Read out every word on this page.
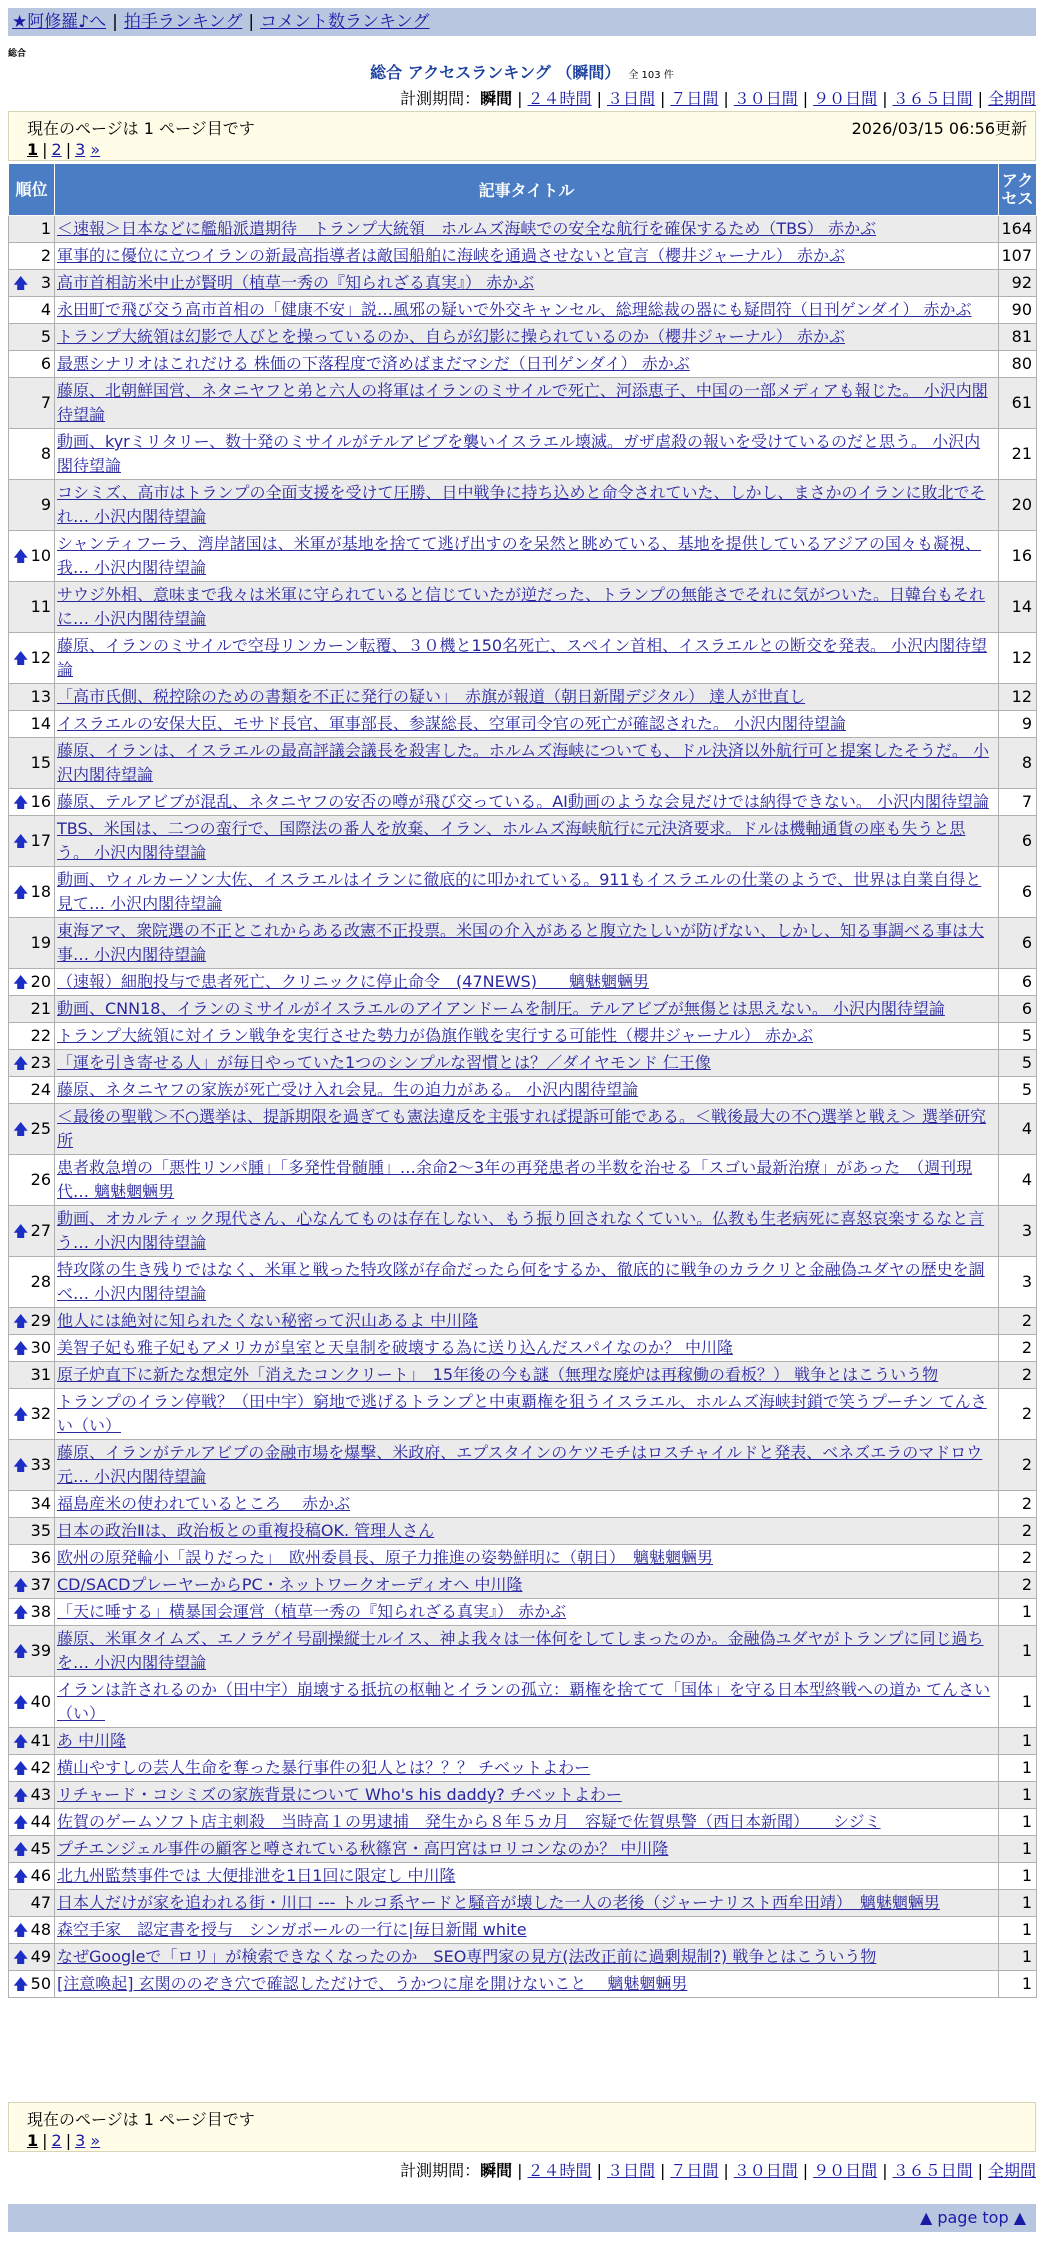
★阿修羅♪へ | 拍手ランキング | コメント数ランキング
総合
総合 アクセスランキング （瞬間） 全 103 件
計測期間：瞬間 | ２４時間 | ３日間 | ７日間 | ３０日間 | ９０日間 | ３６５日間 | 全期間
現在のページは 1 ページ目です	2026/03/15 06:56更新
1 | 2 | 3 »
順位	記事タイトル	アクセス
1	＜速報＞日本などに艦船派遣期待　トランプ大統領　ホルムズ海峡での安全な航行を確保するため（TBS） 赤かぶ	164
2	軍事的に優位に立つイランの新最高指導者は敵国船舶に海峡を通過させないと宣言（櫻井ジャーナル） 赤かぶ	107

🡅 3	高市首相訪米中止が賢明（植草一秀の『知られざる真実』） 赤かぶ	92
4	永田町で飛び交う高市首相の「健康不安」説…風邪の疑いで外交キャンセル、総理総裁の器にも疑問符（日刊ゲンダイ） 赤かぶ	90
5	トランプ大統領は幻影で人びとを操っているのか、自らが幻影に操られているのか（櫻井ジャーナル） 赤かぶ	81
6	最悪シナリオはこれだける 株価の下落程度で済めばまだマシだ（日刊ゲンダイ） 赤かぶ	80
7	藤原、北朝鮮国営、ネタニヤフと弟と六人の将軍はイランのミサイルで死亡、河添恵子、中国の一部メディアも報じた。 小沢内閣待望論	61
8	動画、kyrミリタリー、数十発のミサイルがテルアビブを襲いイスラエル壊滅。ガザ虐殺の報いを受けているのだと思う。 小沢内閣待望論	21
9	コシミズ、高市はトランプの全面支援を受けて圧勝、日中戦争に持ち込めと命令されていた、しかし、まさかのイランに敗北でそれ… 小沢内閣待望論	20

🡅 10	シャンティフーラ、湾岸諸国は、米軍が基地を捨てて逃げ出すのを呆然と眺めている、基地を提供しているアジアの国々も凝視、我… 小沢内閣待望論	16
11	サウジ外相、意味まで我々は米軍に守られていると信じていたが逆だった、トランプの無能さでそれに気がついた。日韓台もそれに… 小沢内閣待望論	14

🡅 12	藤原、イランのミサイルで空母リンカーン転覆、３０機と150名死亡、スペイン首相、イスラエルとの断交を発表。 小沢内閣待望論	12
13	「高市氏側、税控除のための書類を不正に発行の疑い」　赤旗が報道（朝日新聞デジタル） 達人が世直し	12
14	イスラエルの安保大臣、モサド長官、軍事部長、参謀総長、空軍司令官の死亡が確認された。 小沢内閣待望論	9
15	藤原、イランは、イスラエルの最高評議会議長を殺害した。ホルムズ海峡についても、ドル決済以外航行可と提案したそうだ。 小沢内閣待望論	8

🡅 16	藤原、テルアビブが混乱、ネタニヤフの安否の噂が飛び交っている。AI動画のような会見だけでは納得できない。 小沢内閣待望論	7

🡅 17	TBS、米国は、二つの蛮行で、国際法の番人を放棄、イラン、ホルムズ海峡航行に元決済要求。ドルは機軸通貨の座も失うと思う。 小沢内閣待望論	6

🡅 18	動画、ウィルカーソン大佐、イスラエルはイランに徹底的に叩かれている。911もイスラエルの仕業のようで、世界は自業自得と見て… 小沢内閣待望論	6
19	東海アマ、衆院選の不正とこれからある改憲不正投票。米国の介入があると腹立たしいが防げない、しかし、知る事調べる事は大事… 小沢内閣待望論	6

🡅 20	（速報）細胞投与で患者死亡、クリニックに停止命令　(47NEWS)　　魑魅魍魎男	6
21	動画、CNN18、イランのミサイルがイスラエルのアイアンドームを制圧。テルアビブが無傷とは思えない。 小沢内閣待望論	6
22	トランプ大統領に対イラン戦争を実行させた勢力が偽旗作戦を実行する可能性（櫻井ジャーナル） 赤かぶ	5

🡅 23	「運を引き寄せる人」が毎日やっていた1つのシンプルな習慣とは？／ダイヤモンド 仁王像	5
24	藤原、ネタニヤフの家族が死亡受け入れ会見。生の迫力がある。 小沢内閣待望論	5

🡅 25	＜最後の聖戦＞不○選挙は、提訴期限を過ぎても憲法違反を主張すれば提訴可能である。＜戦後最大の不○選挙と戦え＞ 選挙研究所	4
26	患者救急増の「悪性リンパ腫」「多発性骨髄腫」…余命2～3年の再発患者の半数を治せる「スゴい最新治療」があった　（週刊現代… 魑魅魍魎男	4

🡅 27	動画、オカルティック現代さん、心なんてものは存在しない、もう振り回されなくていい。仏教も生老病死に喜怒哀楽するなと言う… 小沢内閣待望論	3
28	特攻隊の生き残りではなく、米軍と戦った特攻隊が存命だったら何をするか、徹底的に戦争のカラクリと金融偽ユダヤの歴史を調べ… 小沢内閣待望論	3

🡅 29	他人には絶対に知られたくない秘密って沢山あるよ 中川隆	2

🡅 30	美智子妃も雅子妃もアメリカが皇室と天皇制を破壊する為に送り込んだスパイなのか？ 中川隆	2
31	原子炉直下に新たな想定外「消えたコンクリート」　15年後の今も謎（無理な廃炉は再稼働の看板？） 戦争とはこういう物	2

🡅 32	トランプのイラン停戦？（田中宇）窮地で逃げるトランプと中東覇権を狙うイスラエル、ホルムズ海峡封鎖で笑うプーチン てんさい（い）	2

🡅 33	藤原、イランがテルアビブの金融市場を爆撃、米政府、エプスタインのケツモチはロスチャイルドと発表、ベネズエラのマドロウ元… 小沢内閣待望論	2
34	福島産米の使われているところ　 赤かぶ	2
35	日本の政治Ⅱは、政治板との重複投稿OK. 管理人さん	2
36	欧州の原発輪小「誤りだった」　欧州委員長、原子力推進の姿勢鮮明に（朝日）　魑魅魍魎男	2

🡅 37	CD/SACDプレーヤーからPC・ネットワークオーディオへ 中川隆	2

🡅 38	「天に唾する」横暴国会運営（植草一秀の『知られざる真実』） 赤かぶ	1

🡅 39	藤原、米軍タイムズ、エノラゲイ号副操縦士ルイス、神よ我々は一体何をしてしまったのか。金融偽ユダヤがトランプに同じ過ちを… 小沢内閣待望論	1

🡅 40	イランは許されるのか（田中宇）崩壊する抵抗の枢軸とイランの孤立：覇権を捨てて「国体」を守る日本型終戦への道か てんさい（い）	1

🡅 41	あ 中川隆	1

🡅 42	横山やすしの芸人生命を奪った暴行事件の犯人とは？？？ チベットよわー	1

🡅 43	リチャード・コシミズの家族背景について Who's his daddy? チベットよわー	1

🡅 44	佐賀のゲームソフト店主刺殺　当時高１の男逮捕　発生から８年５カ月　容疑で佐賀県警（西日本新聞）　　シジミ	1

🡅 45	プチエンジェル事件の顧客と噂されている秋篠宮・高円宮はロリコンなのか？ 中川隆	1

🡅 46	北九州監禁事件では 大便排泄を1日1回に限定し 中川隆	1
47	日本人だけが家を追われる街・川口 --- トルコ系ヤードと騒音が壊した一人の老後（ジャーナリスト西牟田靖）　魑魅魍魎男	1

🡅 48	森空手家　認定書を授与　シンガポールの一行に|毎日新聞 white	1

🡅 49	なぜGoogleで「ロリ」が検索できなくなったのか　SEO専門家の見方(法改正前に過剰規制?) 戦争とはこういう物	1

🡅 50	[注意喚起] 玄関ののぞき穴で確認しただけで、うかつに扉を開けないこと　 魑魅魍魎男	1
現在のページは 1 ページ目です
1 | 2 | 3 »
計測期間：瞬間 | ２４時間 | ３日間 | ７日間 | ３０日間 | ９０日間 | ３６５日間 | 全期間
▲ page top ▲
